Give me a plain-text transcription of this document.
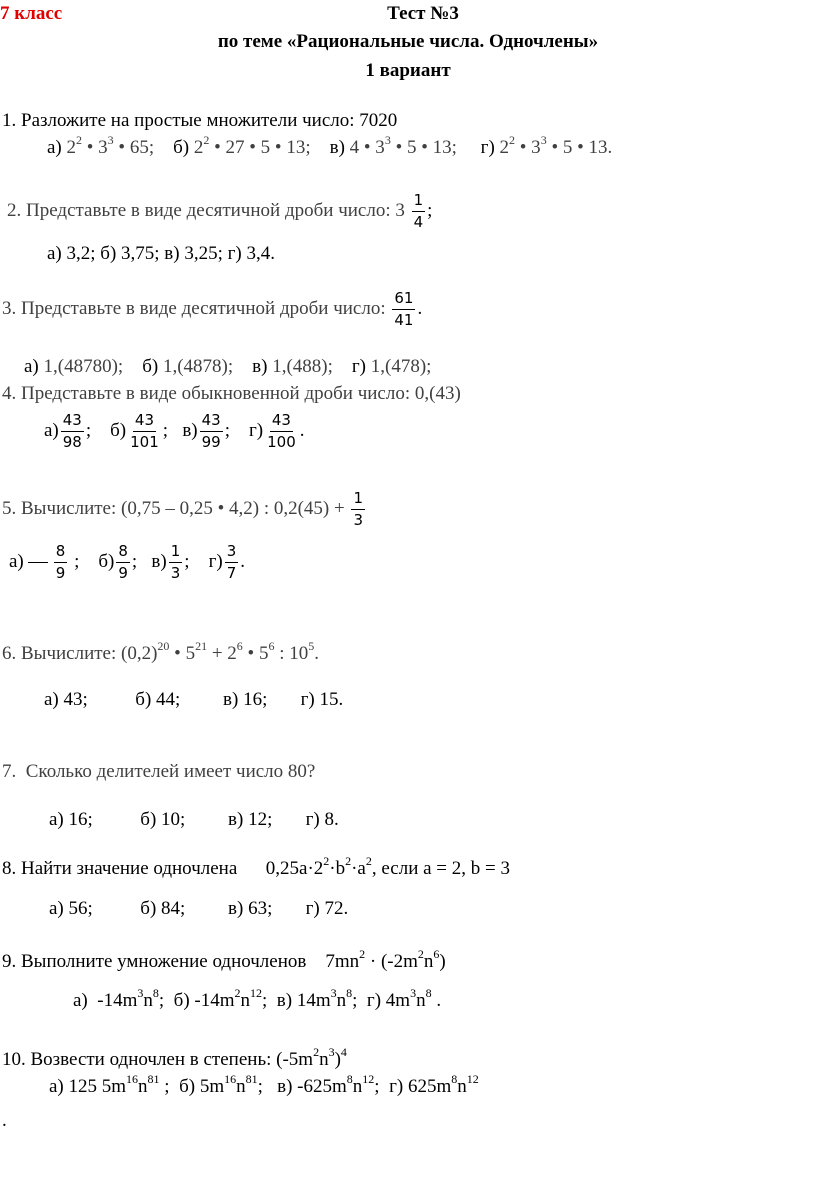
7 класс	Тест №3
по теме «Рациональные числа. Одночлены»
1 вариант
1. Разложите на простые множители число: 7020
а) $2^2$ • $3^3$ • 65; б) $2^2$ • 27 • 5 • 13; в) 4 • $3^3$ • 5 • 13; г) $2^2$ • $3^3$ • 5 • 13.
2. Представьте в виде десятичной дроби число: $3 \frac{1}{4}$ ;
а) 3,2; б) 3,75; в) 3,25; г) 3,4.
3. Представьте в виде десятичной дроби число: $\frac{61}{41}$ .
а) 1,(48780); б) 1,(4878); в) 1,(488); г) 1,(478);
4. Представьте в виде обыкновенной дроби число: 0,(43)
$а) \frac{43}{98}$ ; $б) \frac{43}{101}$ ; $в) \frac{43}{99}$ ; $г) \frac{43}{100}$ .
5. Вычислите: (0,75 – 0,25 • 4,2) : $0,2(45) + \frac{1}{3}$
$а) \frac{8}{9}$ ; $б) \frac{8}{9}$ ; $в) \frac{1}{3}$ ; $г) \frac{3}{7}$ .
6. Вычислите: $(0,2)^{20}$ • $5^{21} + 2^6$ • $5^6$ : $10^5$.
а) 43;          б) 44;         в) 16;       г) 15.
7.  Сколько делителей имеет число 80?
а) 16;          б) 10;         в) 12;       г) 8.
8. Найти значение одночлена      $0,25a\cdot 2^2\cdot b^2\cdot a^2$, если a = 2, b = 3
а) 56;          б) 84;         в) 63;       г) 72.
9. Выполните умножение одночленов    $7mn^2 \cdot (-2m^2n^6)$
а)  $-14m^3n^8$;  б) $-14m^2n^{12}$;  в) $14m^3n^8$;  г) $4m^3n^8$ .
10. Возвести одночлен в степень: $(-5m^2n^3)^4$
а) 125 $5m^{16}n^{81}$ ;  б) $5m^{16}n^{81}$;   в) $-625m^8n^{12}$;  г) $625m^8n^{12}$
.
